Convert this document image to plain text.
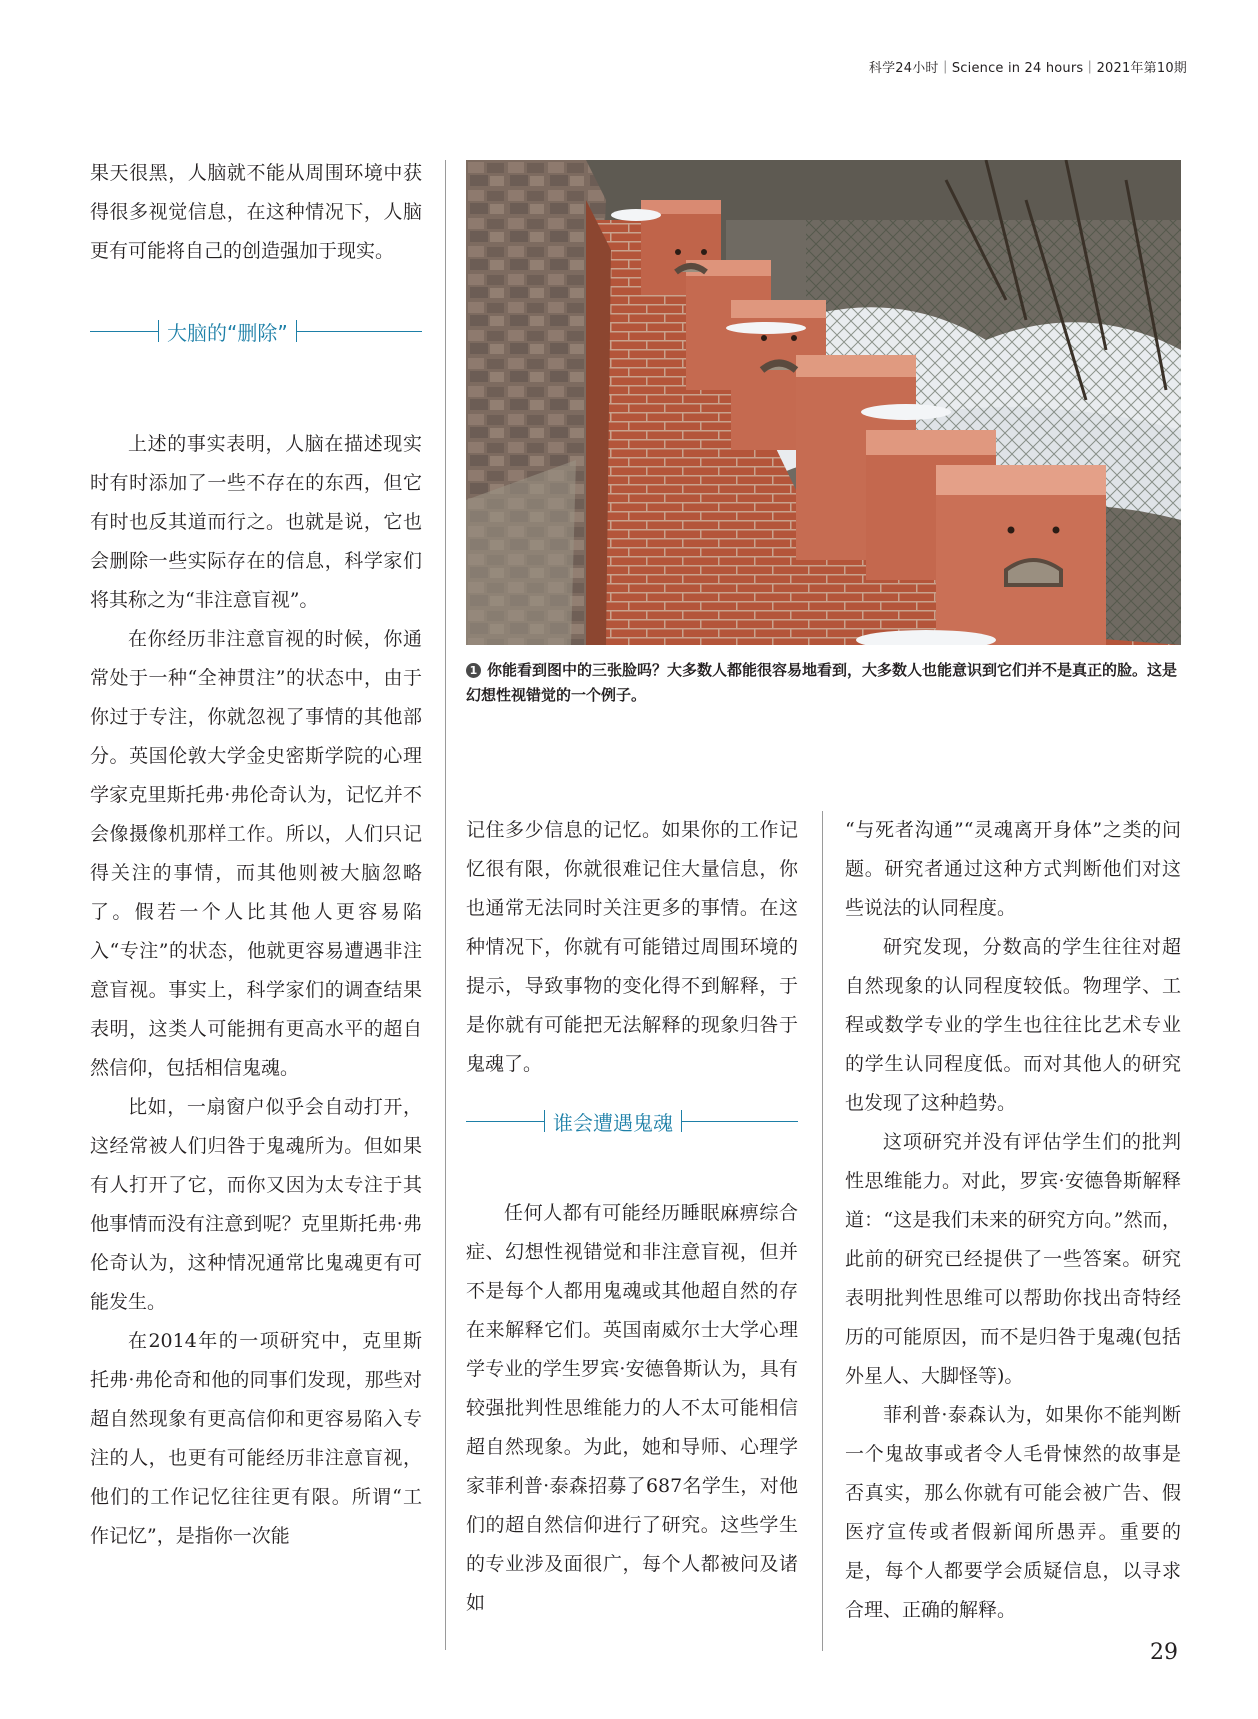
科学24小时｜Science in 24 hours｜2021年第10期

果天很黑，人脑就不能从周围环境中获得很多视觉信息，在这种情况下，人脑更有可能将自己的创造强加于现实。

大脑的“删除”

上述的事实表明，人脑在描述现实时有时添加了一些不存在的东西，但它有时也反其道而行之。也就是说，它也会删除一些实际存在的信息，科学家们将其称之为“非注意盲视”。

在你经历非注意盲视的时候，你通常处于一种“全神贯注”的状态中，由于你过于专注，你就忽视了事情的其他部分。英国伦敦大学金史密斯学院的心理学家克里斯托弗·弗伦奇认为，记忆并不会像摄像机那样工作。所以，人们只记得关注的事情，而其他则被大脑忽略了。假若一个人比其他人更容易陷入“专注”的状态，他就更容易遭遇非注意盲视。事实上，科学家们的调查结果表明，这类人可能拥有更高水平的超自然信仰，包括相信鬼魂。

比如，一扇窗户似乎会自动打开，这经常被人们归咎于鬼魂所为。但如果有人打开了它，而你又因为太专注于其他事情而没有注意到呢？克里斯托弗·弗伦奇认为，这种情况通常比鬼魂更有可能发生。

在2014年的一项研究中，克里斯托弗·弗伦奇和他的同事们发现，那些对超自然现象有更高信仰和更容易陷入专注的人，也更有可能经历非注意盲视，他们的工作记忆往往更有限。所谓“工作记忆”，是指你一次能

1 你能看到图中的三张脸吗？大多数人都能很容易地看到，大多数人也能意识到它们并不是真正的脸。这是幻想性视错觉的一个例子。

记住多少信息的记忆。如果你的工作记忆很有限，你就很难记住大量信息，你也通常无法同时关注更多的事情。在这种情况下，你就有可能错过周围环境的提示，导致事物的变化得不到解释，于是你就有可能把无法解释的现象归咎于鬼魂了。

谁会遭遇鬼魂

任何人都有可能经历睡眠麻痹综合症、幻想性视错觉和非注意盲视，但并不是每个人都用鬼魂或其他超自然的存在来解释它们。英国南威尔士大学心理学专业的学生罗宾·安德鲁斯认为，具有较强批判性思维能力的人不太可能相信超自然现象。为此，她和导师、心理学家菲利普·泰森招募了687名学生，对他们的超自然信仰进行了研究。这些学生的专业涉及面很广，每个人都被问及诸如

“与死者沟通”“灵魂离开身体”之类的问题。研究者通过这种方式判断他们对这些说法的认同程度。

研究发现，分数高的学生往往对超自然现象的认同程度较低。物理学、工程或数学专业的学生也往往比艺术专业的学生认同程度低。而对其他人的研究也发现了这种趋势。

这项研究并没有评估学生们的批判性思维能力。对此，罗宾·安德鲁斯解释道：“这是我们未来的研究方向。”然而，此前的研究已经提供了一些答案。研究表明批判性思维可以帮助你找出奇特经历的可能原因，而不是归咎于鬼魂(包括外星人、大脚怪等)。

菲利普·泰森认为，如果你不能判断一个鬼故事或者令人毛骨悚然的故事是否真实，那么你就有可能会被广告、假医疗宣传或者假新闻所愚弄。重要的是，每个人都要学会质疑信息，以寻求合理、正确的解释。

29
